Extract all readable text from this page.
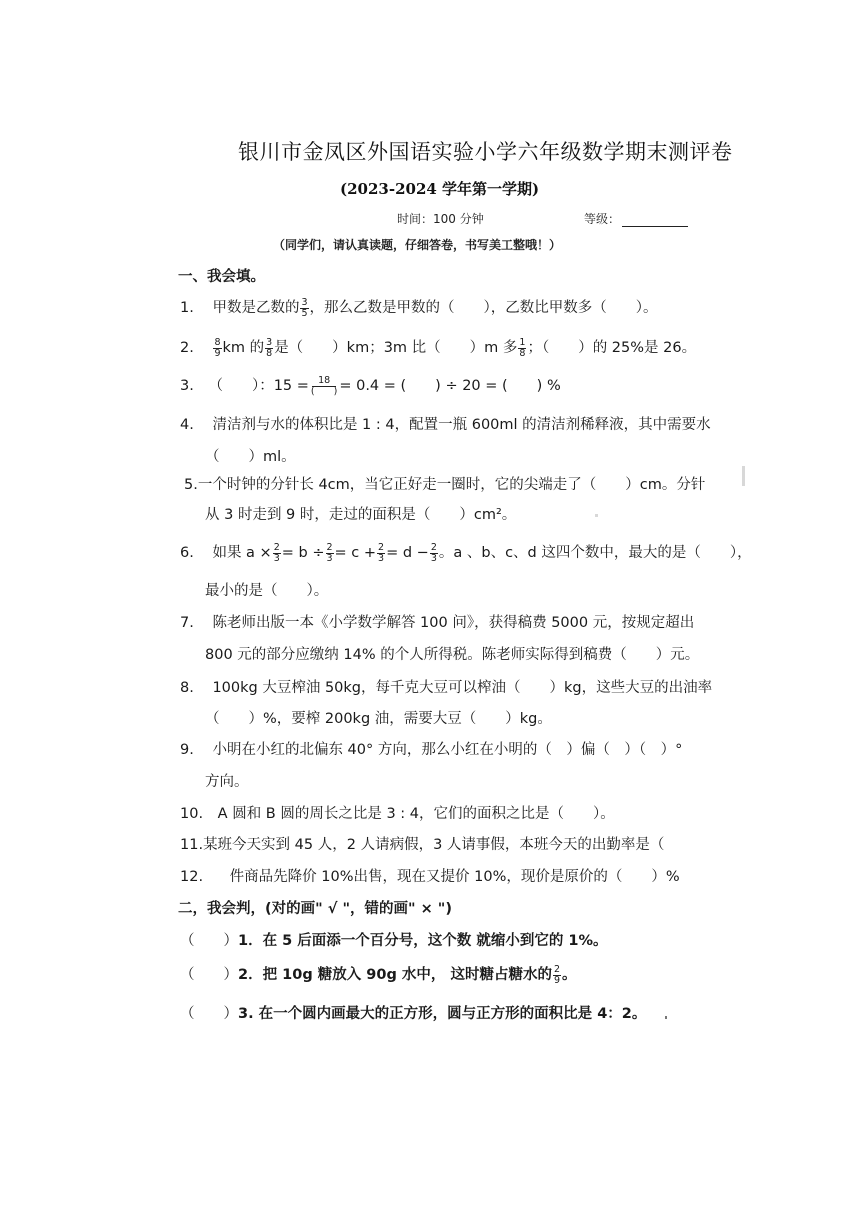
银川市金凤区外国语实验小学六年级数学期末测评卷
(2023-2024 学年第一学期)
时间：100 分钟	等级：
（同学们，请认真读题，仔细答卷，书写美工整哦！）
一、我会填。
1. 甲数是乙数的 $\frac{3}{5}$ ，那么乙数是甲数的（　　），乙数比甲数多（　　）。
2. $\frac{8}{9}$ km 的 $\frac{3}{8}$ 是（　　）km；3m 比（　　）m 多 $\frac{1}{8}$ ；（　　）的 25%是 26。
3. （　　）：$15 = \frac{18}{( )} = 0.4$ = (　　) ÷ 20 = (　　) %
4. 清洁剂与水的体积比是 1 : 4，配置一瓶 600ml 的清洁剂稀释液，其中需要水
（　　）ml。
5.一个时钟的分针长 4cm，当它正好走一圈时，它的尖端走了（　　）cm。分针
从 3 时走到 9 时，走过的面积是（　　）cm²。
6. 如果 $a \times \frac{2}{3} = b \div \frac{2}{3} = c + \frac{2}{3} = d - \frac{2}{3}$ 。a 、b、c、d 这四个数中，最大的是（　　），
最小的是（　　）。
7. 陈老师出版一本《小学数学解答 100 问》，获得稿费 5000 元，按规定超出
800 元的部分应缴纳 14% 的个人所得税。陈老师实际得到稿费（　　）元。
8. 100kg 大豆榨油 50kg，每千克大豆可以榨油（　　）kg，这些大豆的出油率
（　　）%，要榨 200kg 油，需要大豆（　　）kg。
9. 小明在小红的北偏东 40° 方向，那么小红在小明的（　）偏（　）（　）°
方向。
10. A 圆和 B 圆的周长之比是 3 : 4，它们的面积之比是（　　）。
11.某班今天实到 45 人，2 人请病假，3 人请事假，本班今天的出勤率是（
12. 件商品先降价 10%出售，现在又提价 10%，现价是原价的（　　）%
二，我会判，(对的画" √ "，错的画" × ")
（　　）1．在 5 后面添一个百分号，这个数 就缩小到它的 1%。
（　　）2．把 10g 糖放入 90g 水中， 这时糖占糖水的 $\frac{2}{9}$ 。
（　　）3. 在一个圆内画最大的正方形，圆与正方形的面积比是 4：2。
